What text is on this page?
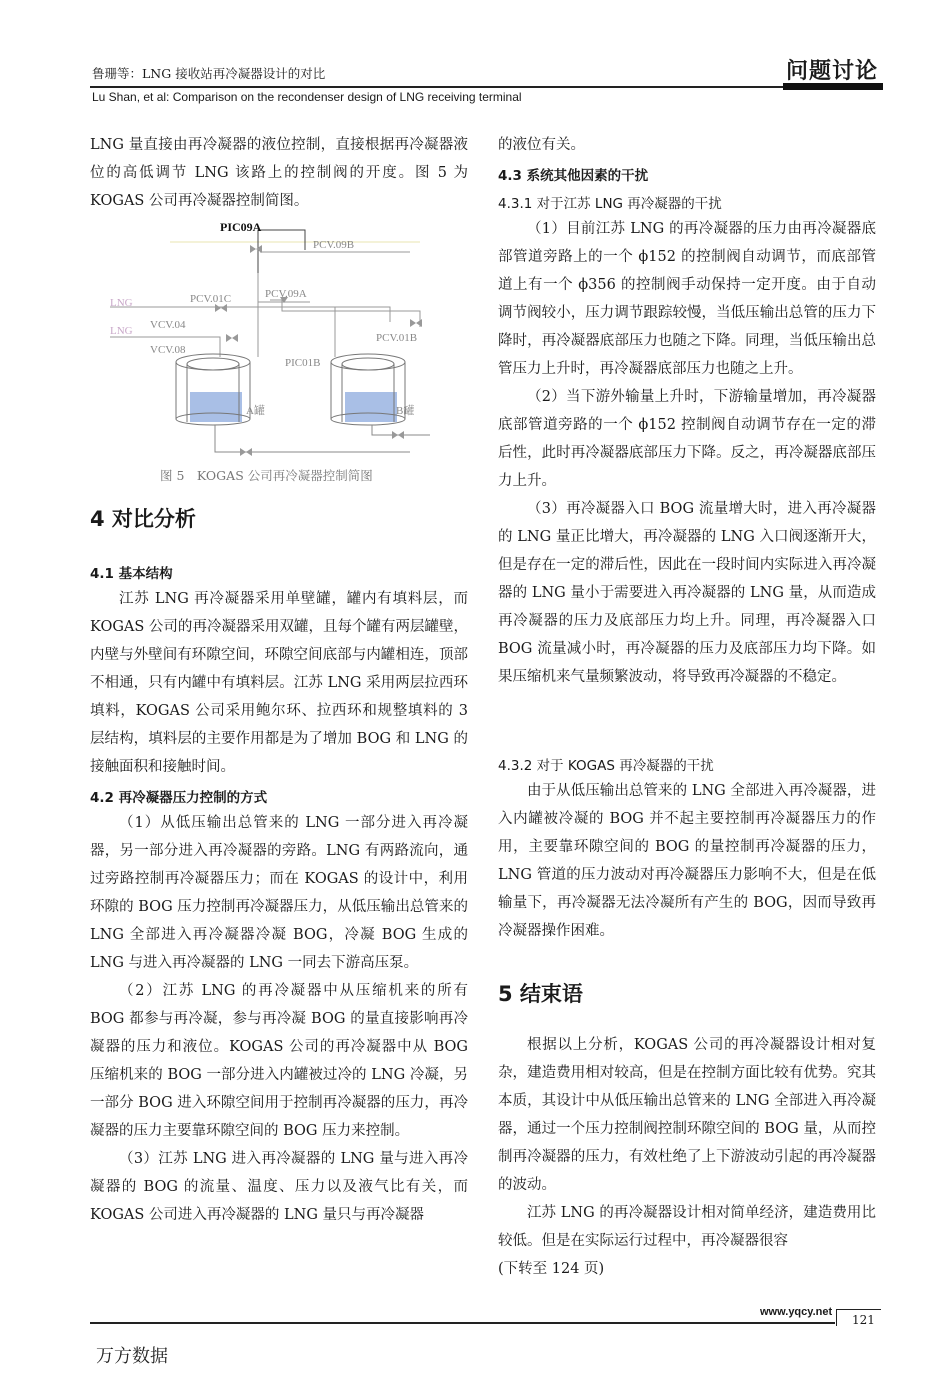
鲁珊等：LNG 接收站再冷凝器设计的对比	问题讨论
Lu Shan, et al: Comparison on the recondenser design of LNG receiving terminal

LNG 量直接由再冷凝器的液位控制，直接根据再冷凝器液位的高低调节 LNG 该路上的控制阀的开度。图 5 为 KOGAS 公司再冷凝器控制简图。

PIC09A
PCV.09B
PCV.09A
PCV.01C
LNG
LNG VCV.04
VCV.08
PCV.01B
PIC01B
A罐	B罐
图 5　KOGAS 公司再冷凝器控制简图
4 对比分析
4.1 基本结构

江苏 LNG 再冷凝器采用单壁罐，罐内有填料层，而 KOGAS 公司的再冷凝器采用双罐，且每个罐有两层罐壁，内壁与外壁间有环隙空间，环隙空间底部与内罐相连，顶部不相通，只有内罐中有填料层。江苏 LNG 采用两层拉西环填料，KOGAS 公司采用鲍尔环、拉西环和规整填料的 3 层结构，填料层的主要作用都是为了增加 BOG 和 LNG 的接触面积和接触时间。

4.2 再冷凝器压力控制的方式

（1）从低压输出总管来的 LNG 一部分进入再冷凝器，另一部分进入再冷凝器的旁路。LNG 有两路流向，通过旁路控制再冷凝器压力；而在 KOGAS 的设计中，利用环隙的 BOG 压力控制再冷凝器压力，从低压输出总管来的 LNG 全部进入再冷凝器冷凝 BOG，冷凝 BOG 生成的 LNG 与进入再冷凝器的 LNG 一同去下游高压泵。

（2）江苏 LNG 的再冷凝器中从压缩机来的所有 BOG 都参与再冷凝，参与再冷凝 BOG 的量直接影响再冷凝器的压力和液位。KOGAS 公司的再冷凝器中从 BOG 压缩机来的 BOG 一部分进入内罐被过冷的 LNG 冷凝，另一部分 BOG 进入环隙空间用于控制再冷凝器的压力，再冷凝器的压力主要靠环隙空间的 BOG 压力来控制。

（3）江苏 LNG 进入再冷凝器的 LNG 量与进入再冷凝器的 BOG 的流量、温度、压力以及液气比有关，而 KOGAS 公司进入再冷凝器的 LNG 量只与再冷凝器

的液位有关。

4.3 系统其他因素的干扰
4.3.1 对于江苏 LNG 再冷凝器的干扰

（1）目前江苏 LNG 的再冷凝器的压力由再冷凝器底部管道旁路上的一个 ϕ152 的控制阀自动调节，而底部管道上有一个 ϕ356 的控制阀手动保持一定开度。由于自动调节阀较小，压力调节跟踪较慢，当低压输出总管的压力下降时，再冷凝器底部压力也随之下降。同理，当低压输出总管压力上升时，再冷凝器底部压力也随之上升。

（2）当下游外输量上升时，下游输量增加，再冷凝器底部管道旁路的一个 ϕ152 控制阀自动调节存在一定的滞后性，此时再冷凝器底部压力下降。反之，再冷凝器底部压力上升。

（3）再冷凝器入口 BOG 流量增大时，进入再冷凝器的 LNG 量正比增大，再冷凝器的 LNG 入口阀逐渐开大，但是存在一定的滞后性，因此在一段时间内实际进入再冷凝器的 LNG 量小于需要进入再冷凝器的 LNG 量，从而造成再冷凝器的压力及底部压力均上升。同理，再冷凝器入口 BOG 流量减小时，再冷凝器的压力及底部压力均下降。如果压缩机来气量频繁波动，将导致再冷凝器的不稳定。

4.3.2 对于 KOGAS 再冷凝器的干扰

由于从低压输出总管来的 LNG 全部进入再冷凝器，进入内罐被冷凝的 BOG 并不起主要控制再冷凝器压力的作用，主要靠环隙空间的 BOG 的量控制再冷凝器的压力，LNG 管道的压力波动对再冷凝器压力影响不大，但是在低输量下，再冷凝器无法冷凝所有产生的 BOG，因而导致再冷凝器操作困难。

5 结束语

根据以上分析，KOGAS 公司的再冷凝器设计相对复杂，建造费用相对较高，但是在控制方面比较有优势。究其本质，其设计中从低压输出总管来的 LNG 全部进入再冷凝器，通过一个压力控制阀控制环隙空间的 BOG 量，从而控制再冷凝器的压力，有效杜绝了上下游波动引起的再冷凝器的波动。

江苏 LNG 的再冷凝器设计相对简单经济，建造费用比较低。但是在实际运行过程中，再冷凝器很容

(下转至 124 页)

www.yqcy.net
121
万方数据
